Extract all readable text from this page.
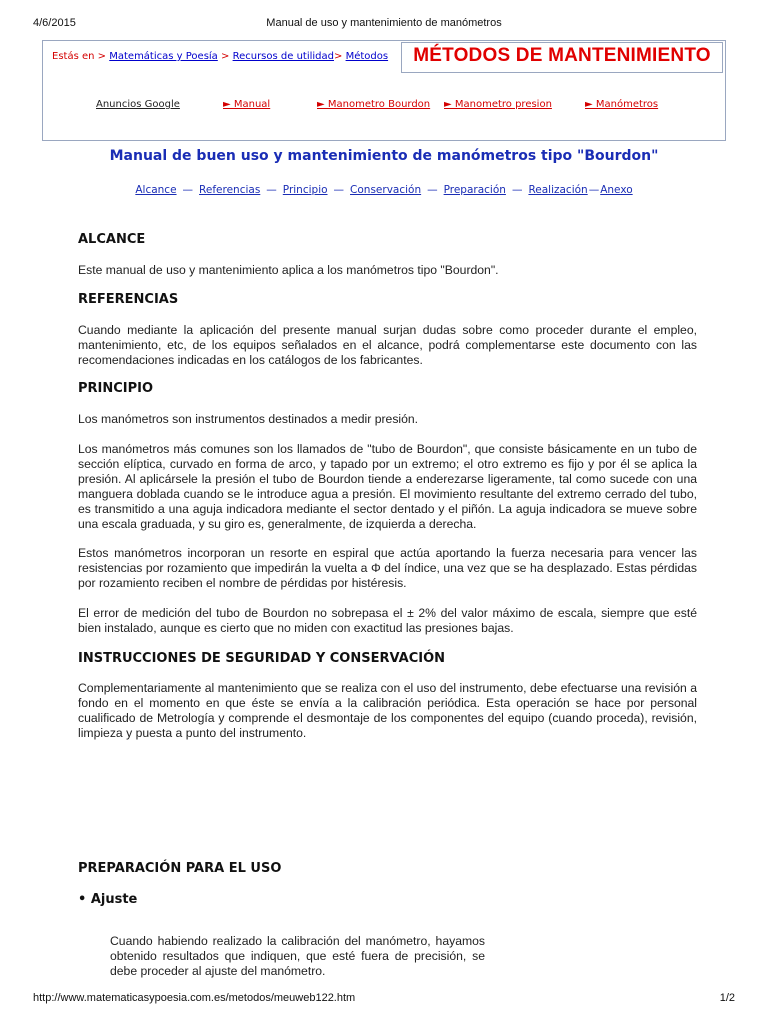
4/6/2015	Manual de uso y mantenimiento de manómetros
Estás en > Matemáticas y Poesía > Recursos de utilidad> Métodos	MÉTODOS DE MANTENIMIENTO
Anuncios Google	► Manual	► Manometro Bourdon ► Manometro presion	► Manómetros
Manual de buen uso y mantenimiento de manómetros tipo "Bourdon"
Alcance — Referencias — Principio — Conservación — Preparación — Realización—Anexo
ALCANCE
Este manual de uso y mantenimiento aplica a los manómetros tipo "Bourdon".
REFERENCIAS
Cuando mediante la aplicación del presente manual surjan dudas sobre como proceder durante el empleo, mantenimiento, etc, de los equipos señalados en el alcance, podrá complementarse este documento con las recomendaciones indicadas en los catálogos de los fabricantes.
PRINCIPIO
Los manómetros son instrumentos destinados a medir presión.
Los manómetros más comunes son los llamados de "tubo de Bourdon", que consiste básicamente en un tubo de sección elíptica, curvado en forma de arco, y tapado por un extremo; el otro extremo es fijo y por él se aplica la presión. Al aplicársele la presión el tubo de Bourdon tiende a enderezarse ligeramente, tal como sucede con una manguera doblada cuando se le introduce agua a presión. El movimiento resultante del extremo cerrado del tubo, es transmitido a una aguja indicadora mediante el sector dentado y el piñón. La aguja indicadora se mueve sobre una escala graduada, y su giro es, generalmente, de izquierda a derecha.
Estos manómetros incorporan un resorte en espiral que actúa aportando la fuerza necesaria para vencer las resistencias por rozamiento que impedirán la vuelta a Φ del índice, una vez que se ha desplazado. Estas pérdidas por rozamiento reciben el nombre de pérdidas por histéresis.
El error de medición del tubo de Bourdon no sobrepasa el ± 2% del valor máximo de escala, siempre que esté bien instalado, aunque es cierto que no miden con exactitud las presiones bajas.
INSTRUCCIONES DE SEGURIDAD Y CONSERVACIÓN
Complementariamente al mantenimiento que se realiza con el uso del instrumento, debe efectuarse una revisión a fondo en el momento en que éste se envía a la calibración periódica. Esta operación se hace por personal cualificado de Metrología y comprende el desmontaje de los componentes del equipo (cuando proceda), revisión, limpieza y puesta a punto del instrumento.
PREPARACIÓN PARA EL USO
• Ajuste
Cuando habiendo realizado la calibración del manómetro, hayamos obtenido resultados que indiquen, que esté fuera de precisión, se debe proceder al ajuste del manómetro.
http://www.matematicasypoesia.com.es/metodos/meuweb122.htm	1/2
